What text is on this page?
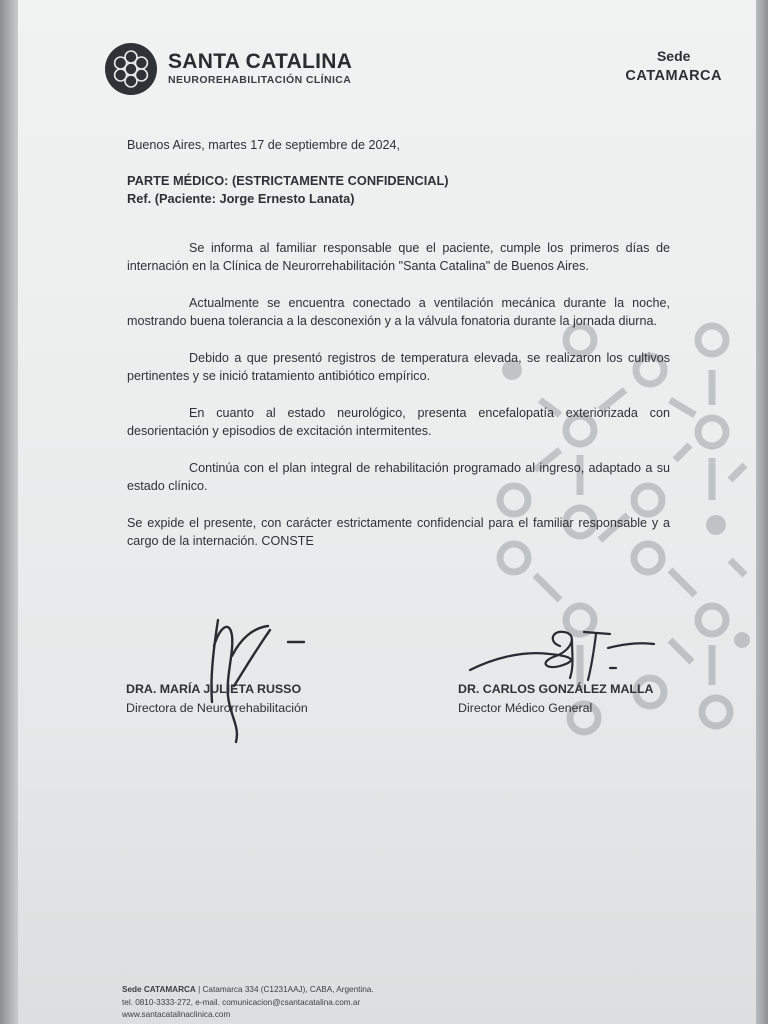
SANTA CATALINA
NEUROREHABILITACIÓN CLÍNICA
Sede
CATAMARCA
Buenos Aires, martes 17 de septiembre de 2024,
PARTE MÉDICO: (ESTRICTAMENTE CONFIDENCIAL)
Ref. (Paciente: Jorge Ernesto Lanata)
Se informa al familiar responsable que el paciente, cumple los primeros días de internación en la Clínica de Neurorrehabilitación "Santa Catalina" de Buenos Aires.
Actualmente se encuentra conectado a ventilación mecánica durante la noche, mostrando buena tolerancia a la desconexión y a la válvula fonatoria durante la jornada diurna.
Debido a que presentó registros de temperatura elevada, se realizaron los cultivos pertinentes y se inició tratamiento antibiótico empírico.
En cuanto al estado neurológico, presenta encefalopatía exteriorizada con desorientación y episodios de excitación intermitentes.
Continúa con el plan integral de rehabilitación programado al ingreso, adaptado a su estado clínico.
Se expide el presente, con carácter estrictamente confidencial para el familiar responsable y a cargo de la internación. CONSTE
DRA. MARÍA JULIETA RUSSO
Directora de Neurorrehabilitación
DR. CARLOS GONZÁLEZ MALLA
Director Médico General
Sede CATAMARCA | Catamarca 334 (C1231AAJ), CABA, Argentina.
tel. 0810-3333-272, e-mail. comunicacion@csantacatalina.com.ar
www.santacatalinaclinica.com
